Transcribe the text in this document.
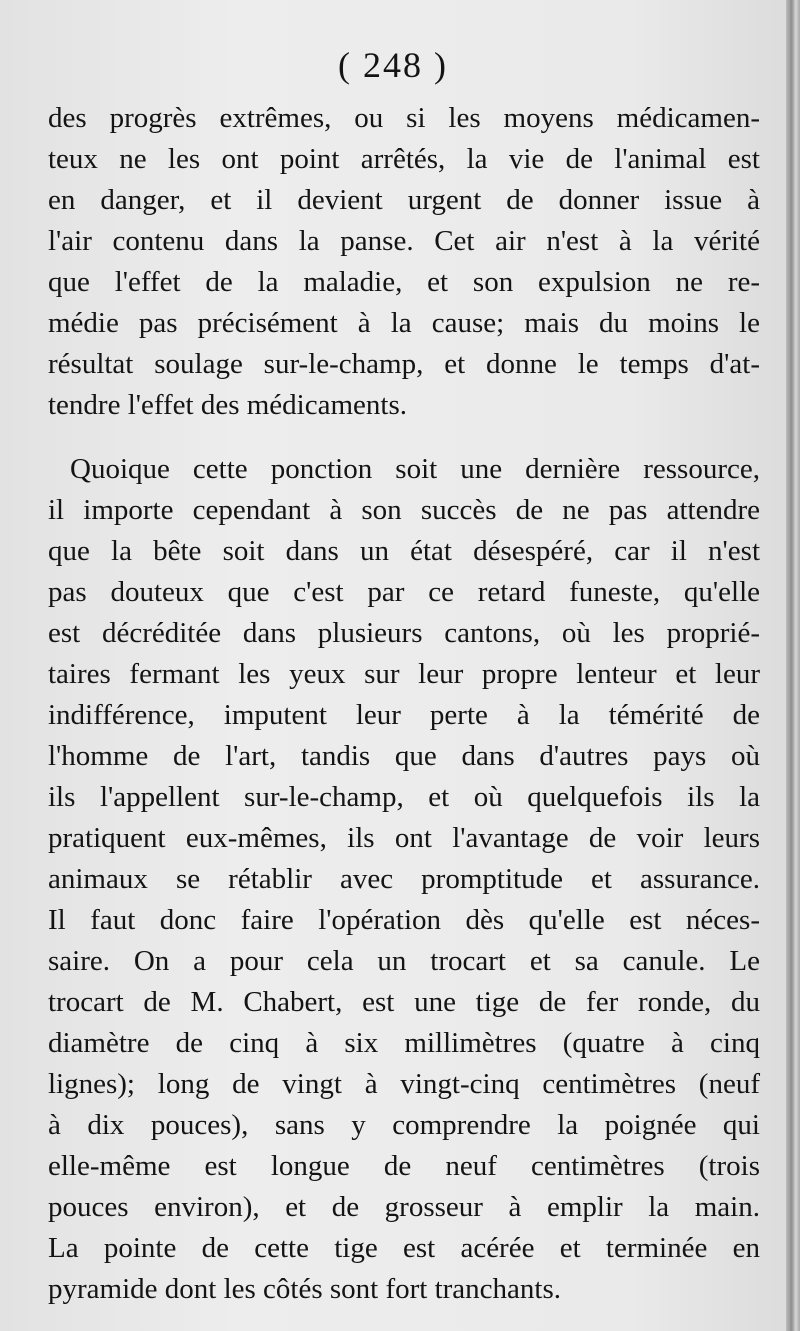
( 248 )
des progrès extrêmes, ou si les moyens médicamen-
teux ne les ont point arrêtés, la vie de l'animal est
en danger, et il devient urgent de donner issue à
l'air contenu dans la panse. Cet air n'est à la vérité
que l'effet de la maladie, et son expulsion ne re-
médie pas précisément à la cause; mais du moins le
résultat soulage sur-le-champ, et donne le temps d'at-
tendre l'effet des médicaments.
Quoique cette ponction soit une dernière ressource,
il importe cependant à son succès de ne pas attendre
que la bête soit dans un état désespéré, car il n'est
pas douteux que c'est par ce retard funeste, qu'elle
est décréditée dans plusieurs cantons, où les proprié-
taires fermant les yeux sur leur propre lenteur et leur
indifférence, imputent leur perte à la témérité de
l'homme de l'art, tandis que dans d'autres pays où
ils l'appellent sur-le-champ, et où quelquefois ils la
pratiquent eux-mêmes, ils ont l'avantage de voir leurs
animaux se rétablir avec promptitude et assurance.
Il faut donc faire l'opération dès qu'elle est néces-
saire. On a pour cela un trocart et sa canule. Le
trocart de M. Chabert, est une tige de fer ronde, du
diamètre de cinq à six millimètres (quatre à cinq
lignes); long de vingt à vingt-cinq centimètres (neuf
à dix pouces), sans y comprendre la poignée qui
elle-même est longue de neuf centimètres (trois
pouces environ), et de grosseur à emplir la main.
La pointe de cette tige est acérée et terminée en
pyramide dont les côtés sont fort tranchants.
